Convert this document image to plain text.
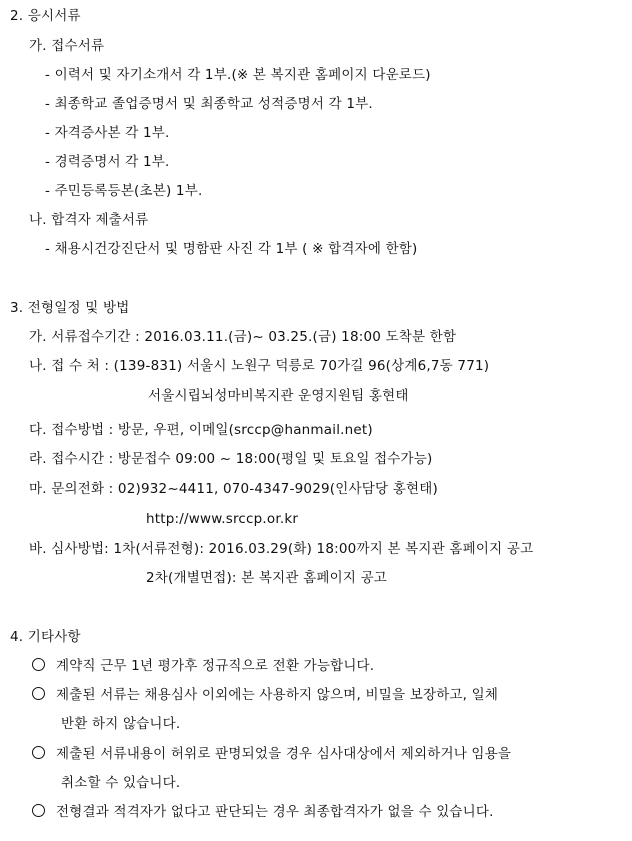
2. 응시서류
가. 접수서류
- 이력서 및 자기소개서 각 1부.(※ 본 복지관 홈페이지 다운로드)
- 최종학교 졸업증명서 및 최종학교 성적증명서 각 1부.
- 자격증사본 각 1부.
- 경력증명서 각 1부.
- 주민등록등본(초본) 1부.
나. 합격자 제출서류
- 채용시건강진단서 및 명함판 사진 각 1부 ( ※ 합격자에 한함)
3. 전형일정 및 방법
가. 서류접수기간 : 2016.03.11.(금)~ 03.25.(금) 18:00 도착분 한함
나. 접 수 처 : (139-831) 서울시 노원구 덕릉로 70가길 96(상계6,7동 771)
서울시립뇌성마비복지관 운영지원팀 홍현태
다. 접수방법 : 방문, 우편, 이메일(srccp@hanmail.net)
라. 접수시간 : 방문접수 09:00 ~ 18:00(평일 및 토요일 접수가능)
마. 문의전화 : 02)932~4411, 070-4347-9029(인사담당 홍현태)
http://www.srccp.or.kr
바. 심사방법: 1차(서류전형): 2016.03.29(화) 18:00까지 본 복지관 홈페이지 공고
2차(개별면접): 본 복지관 홈페이지 공고
4. 기타사항
계약직 근무 1년 평가후 정규직으로 전환 가능합니다.
제출된 서류는 채용심사 이외에는 사용하지 않으며, 비밀을 보장하고, 일체
반환 하지 않습니다.
제출된 서류내용이 허위로 판명되었을 경우 심사대상에서 제외하거나 임용을
취소할 수 있습니다.
전형결과 적격자가 없다고 판단되는 경우 최종합격자가 없을 수 있습니다.
